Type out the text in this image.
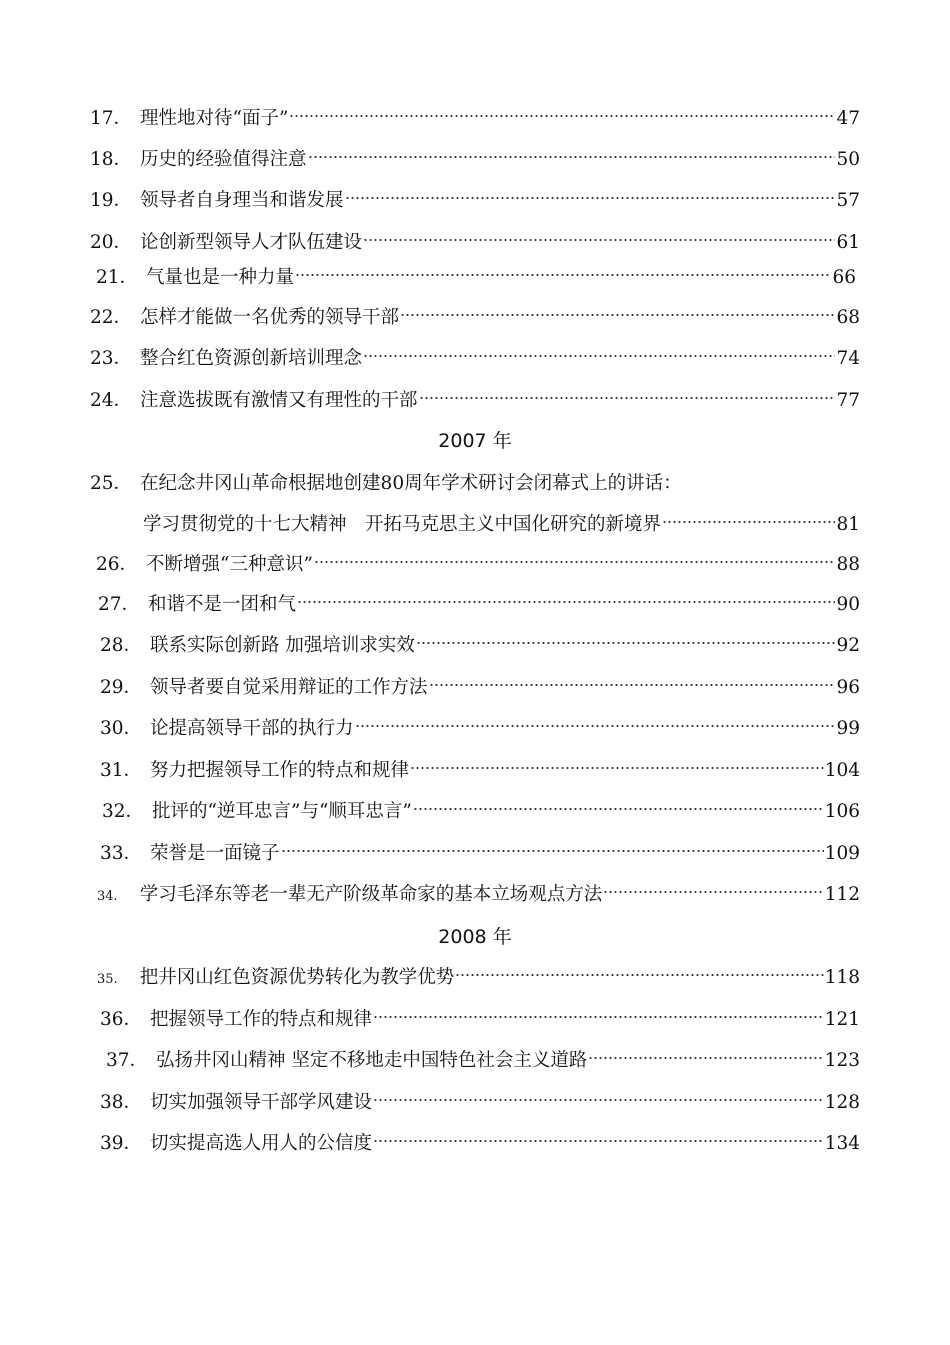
17． 理性地对待“面子”	47
18． 历史的经验值得注意	50
19． 领导者自身理当和谐发展	57
20． 论创新型领导人才队伍建设	61
21． 气量也是一种力量	66
22． 怎样才能做一名优秀的领导干部	68
23． 整合红色资源创新培训理念	74
24． 注意选拔既有激情又有理性的干部	77
2007 年
25． 在纪念井冈山革命根据地创建80周年学术研讨会闭幕式上的讲话：
学习贯彻党的十七大精神　开拓马克思主义中国化研究的新境界	81
26． 不断增强“三种意识”	88
27． 和谐不是一团和气	90
28． 联系实际创新路 加强培训求实效	92
29． 领导者要自觉采用辩证的工作方法	96
30． 论提高领导干部的执行力	99
31． 努力把握领导工作的特点和规律	104
32． 批评的“逆耳忠言”与“顺耳忠言”	106
33． 荣誉是一面镜子	109
34. 学习毛泽东等老一辈无产阶级革命家的基本立场观点方法	112
2008 年
35. 把井冈山红色资源优势转化为教学优势	118
36． 把握领导工作的特点和规律	121
37． 弘扬井冈山精神 坚定不移地走中国特色社会主义道路	123
38． 切实加强领导干部学风建设	128
39． 切实提高选人用人的公信度	134
